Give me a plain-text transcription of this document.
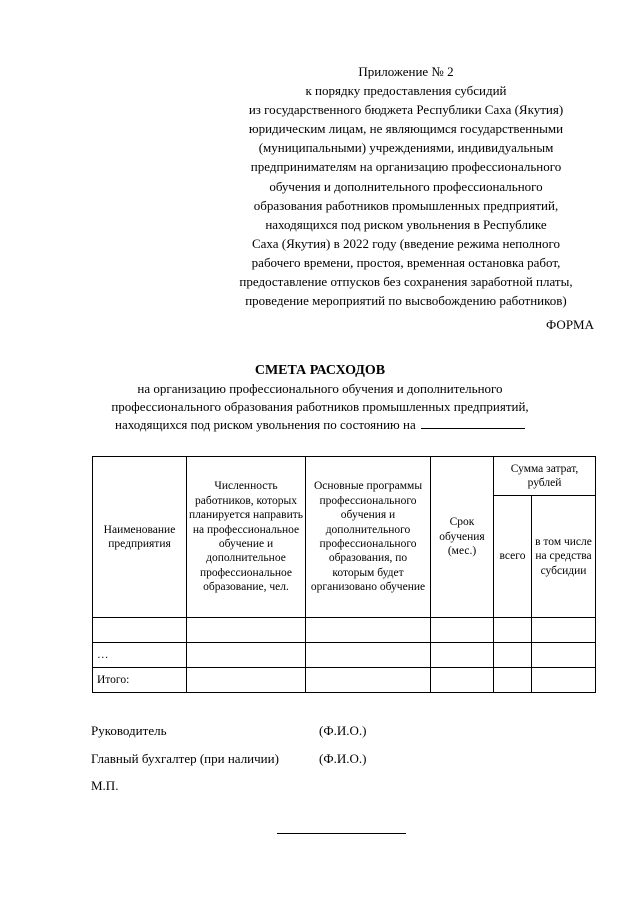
Приложение № 2
к порядку предоставления субсидий
из государственного бюджета Республики Саха (Якутия)
юридическим лицам, не являющимся государственными
(муниципальными) учреждениями, индивидуальным
предпринимателям на организацию профессионального
обучения и дополнительного профессионального
образования работников промышленных предприятий,
находящихся под риском увольнения в Республике
Саха (Якутия) в 2022 году (введение режима неполного
рабочего времени, простоя, временная остановка работ,
предоставление отпусков без сохранения заработной платы,
проведение мероприятий по высвобождению работников)
ФОРМА
СМЕТА РАСХОДОВ
на организацию профессионального обучения и дополнительного
профессионального образования работников промышленных предприятий,
находящихся под риском увольнения по состоянию на
Наименование предприятия	Численность работников, которых планируется направить на профессиональное обучение и дополнительное профессиональное образование, чел.	Основные программы профессионального обучения и дополнительного профессионального образования, по которым будет организовано обучение	Срок обучения (мес.)	Сумма затрат, рублей	
				всего	в том числе на средства субсидии

…					
Итого:					
Руководитель	(Ф.И.О.)
Главный бухгалтер (при наличии)	(Ф.И.О.)
М.П.
